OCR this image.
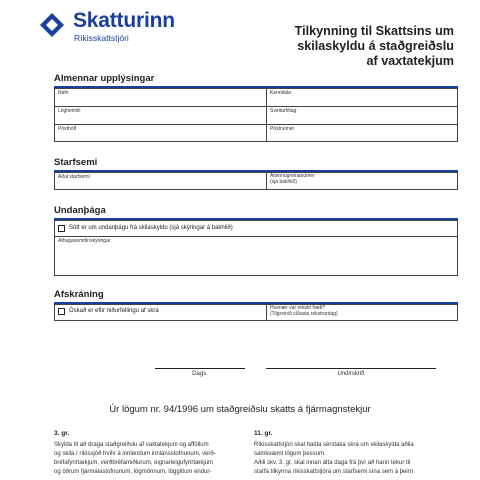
Skatturinn
Ríkisskattstjóri	Tilkynning til Skattsins um
skilaskyldu á staðgreiðslu
af vaxtatekjum
Almennar upplýsingar
Nafn	Kennitala
Lögheimili	Sveitarfélag
Pósthólf	Póstnúmer
Starfsemi
Aðal starfsemi	Atvinnugreinanúmer
(sjá bakhlið)
Undanþága
Sótt er um undanþágu frá skilaskyldu (sjá skýringar á bakhlið)
Athugasemdir/skýringar
Afskráning
Óskað er eftir niðurfellingu af skrá	Hvenær var rekstri hætt?
(Tilgreinið síðasta rekstrardag)
Dags.	Undirskrift
Úr lögum nr. 94/1996 um staðgreiðslu skatts á fjármagnstekjur
3. gr.
Skylda til að draga staðgreiðslu af vaxtatekjum og afföllum
og skila í ríkissjóð hvílir á innlendum innlánsstofnunum, verð-
bréfafyrirtækjum, verðbréfamiðlurum, eignarleigufyrirtækjum
og öðrum fjármálastofnunum, lögmönnum, löggiltum endur-
11. gr.
Ríkisskattstjóri skal halda sérstaka skrá um skilaskylda aðila
samkvæmt lögum þessum.
Aðili skv. 3. gr. skal innan átta daga frá því að hann tekur til
starfa tilkynna ríkisskattstjóra um starfsemi sína sem á þeirri
